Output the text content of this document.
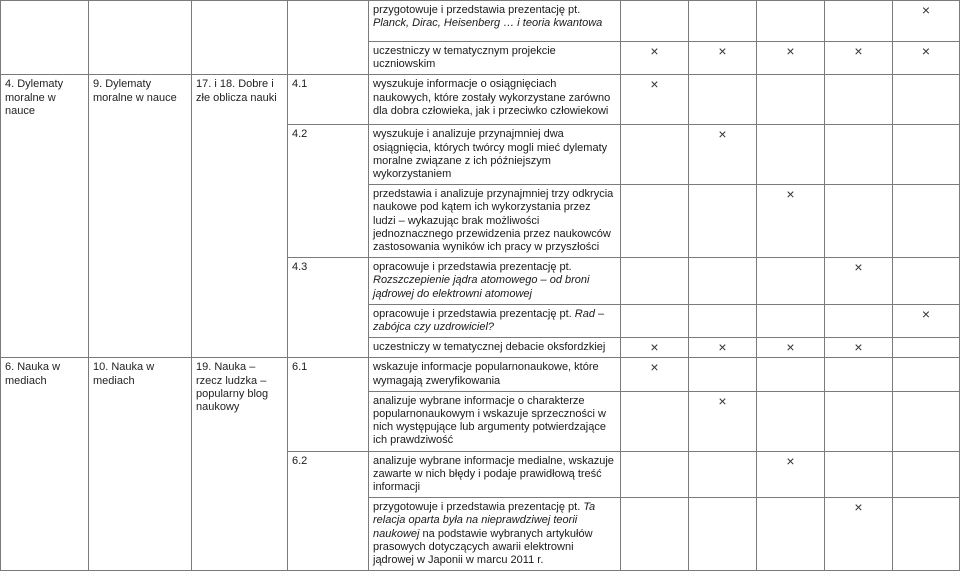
				przygotowuje i przedstawia prezentację pt. Planck, Dirac, Heisenberg … i teoria kwantowa					×
				uczestniczy w tematycznym projekcie uczniowskim	×	×	×	×	×
4. Dylematy moralne w nauce	9. Dylematy moralne w nauce	17. i 18. Dobre i złe oblicza nauki	4.1	wyszukuje informacje o osiągnięciach naukowych, które zostały wykorzystane zarówno dla dobra człowieka, jak i przeciwko człowiekowi	×				
			4.2	wyszukuje i analizuje przynajmniej dwa osiągnięcia, których twórcy mogli mieć dylematy moralne związane z ich późniejszym wykorzystaniem		×			
				przedstawia i analizuje przynajmniej trzy odkrycia naukowe pod kątem ich wykorzystania przez ludzi – wykazując brak możliwości jednoznacznego przewidzenia przez naukowców zastosowania wyników ich pracy w przyszłości			×		
			4.3	opracowuje i przedstawia prezentację pt. Rozszczepienie jądra atomowego – od broni jądrowej do elektrowni atomowej				×	
				opracowuje i przedstawia prezentację pt. Rad – zabójca czy uzdrowiciel?					×
				uczestniczy w tematycznej debacie oksfordzkiej	×	×	×	×	
6. Nauka w mediach	10. Nauka w mediach	19. Nauka – rzecz ludzka – popularny blog naukowy	6.1	wskazuje informacje popularnonaukowe, które wymagają zweryfikowania	×				
				analizuje wybrane informacje o charakterze popularnonaukowym i wskazuje sprzeczności w nich występujące lub argumenty potwierdzające ich prawdziwość		×			
			6.2	analizuje wybrane informacje medialne, wskazuje zawarte w nich błędy i podaje prawidłową treść informacji			×		
				przygotowuje i przedstawia prezentację pt. Ta relacja oparta była na nieprawdziwej teorii naukowej na podstawie wybranych artykułów prasowych dotyczących awarii elektrowni jądrowej w Japonii w marcu 2011 r.				×	
